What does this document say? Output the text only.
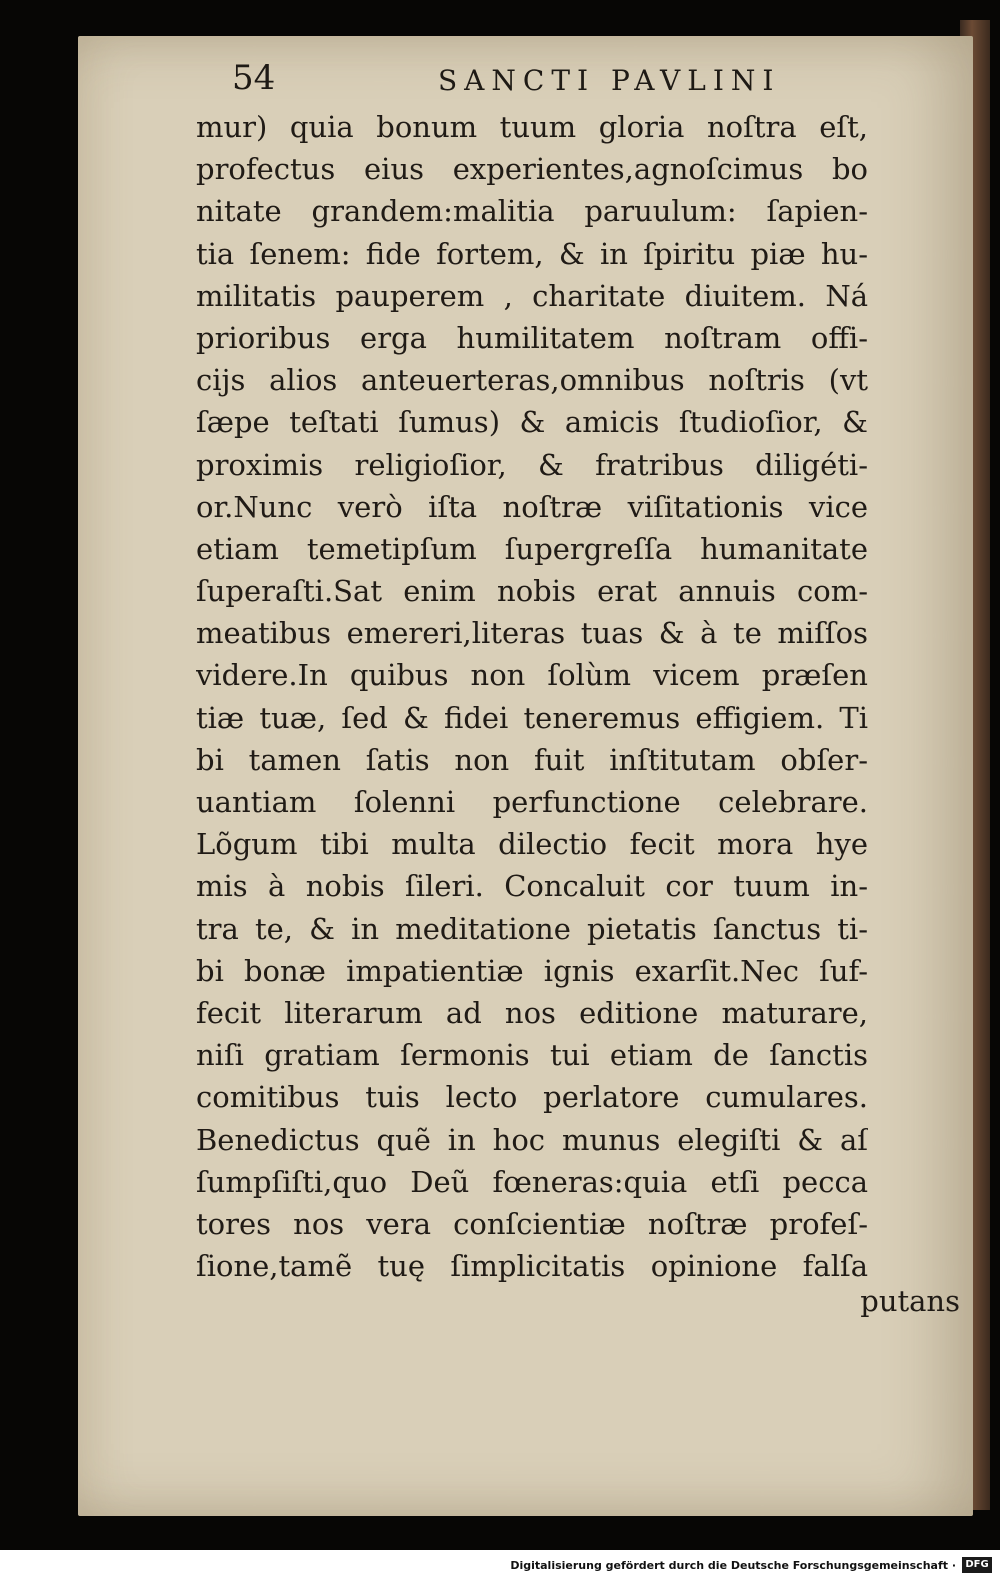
54	SANCTI PAVLINI
mur) quia bonum tuum gloria noſtra eſt,
profectus eius experientes,agnoſcimus bo
nitate grandem:malitia paruulum: ſapien-
tia ſenem: fide fortem, & in ſpiritu piæ hu-
militatis pauperem , charitate diuitem. Ná
prioribus erga humilitatem noſtram offi-
cijs alios anteuerteras,omnibus noſtris (vt
ſæpe teſtati ſumus) & amicis ſtudioſior, &
proximis religioſior, & fratribus diligéti-
or.Nunc verò iſta noſtræ viſitationis vice
etiam temetipſum ſupergreſſa humanitate
ſuperaſti.Sat enim nobis erat annuis com-
meatibus emereri,literas tuas & à te miſſos
videre.In quibus non ſolùm vicem præſen
tiæ tuæ, ſed & fidei teneremus effigiem. Ti
bi tamen ſatis non fuit inſtitutam obſer-
uantiam ſolenni perfunctione celebrare.
Lõgum tibi multa dilectio fecit mora hye
mis à nobis ſileri. Concaluit cor tuum in-
tra te, & in meditatione pietatis ſanctus ti-
bi bonæ impatientiæ ignis exarſit.Nec ſuf-
fecit literarum ad nos editione maturare,
niſi gratiam ſermonis tui etiam de ſanctis
comitibus tuis lecto perlatore cumulares.
Benedictus quẽ in hoc munus elegiſti & aſ
ſumpſiſti,quo Deũ fœneras:quia etſi pecca
tores nos vera conſcientiæ noſtræ profeſ-
ſione,tamẽ tuę ſimplicitatis opinione falſa

putans

Digitalisierung gefördert durch die Deutsche Forschungsgemeinschaft · DFG
